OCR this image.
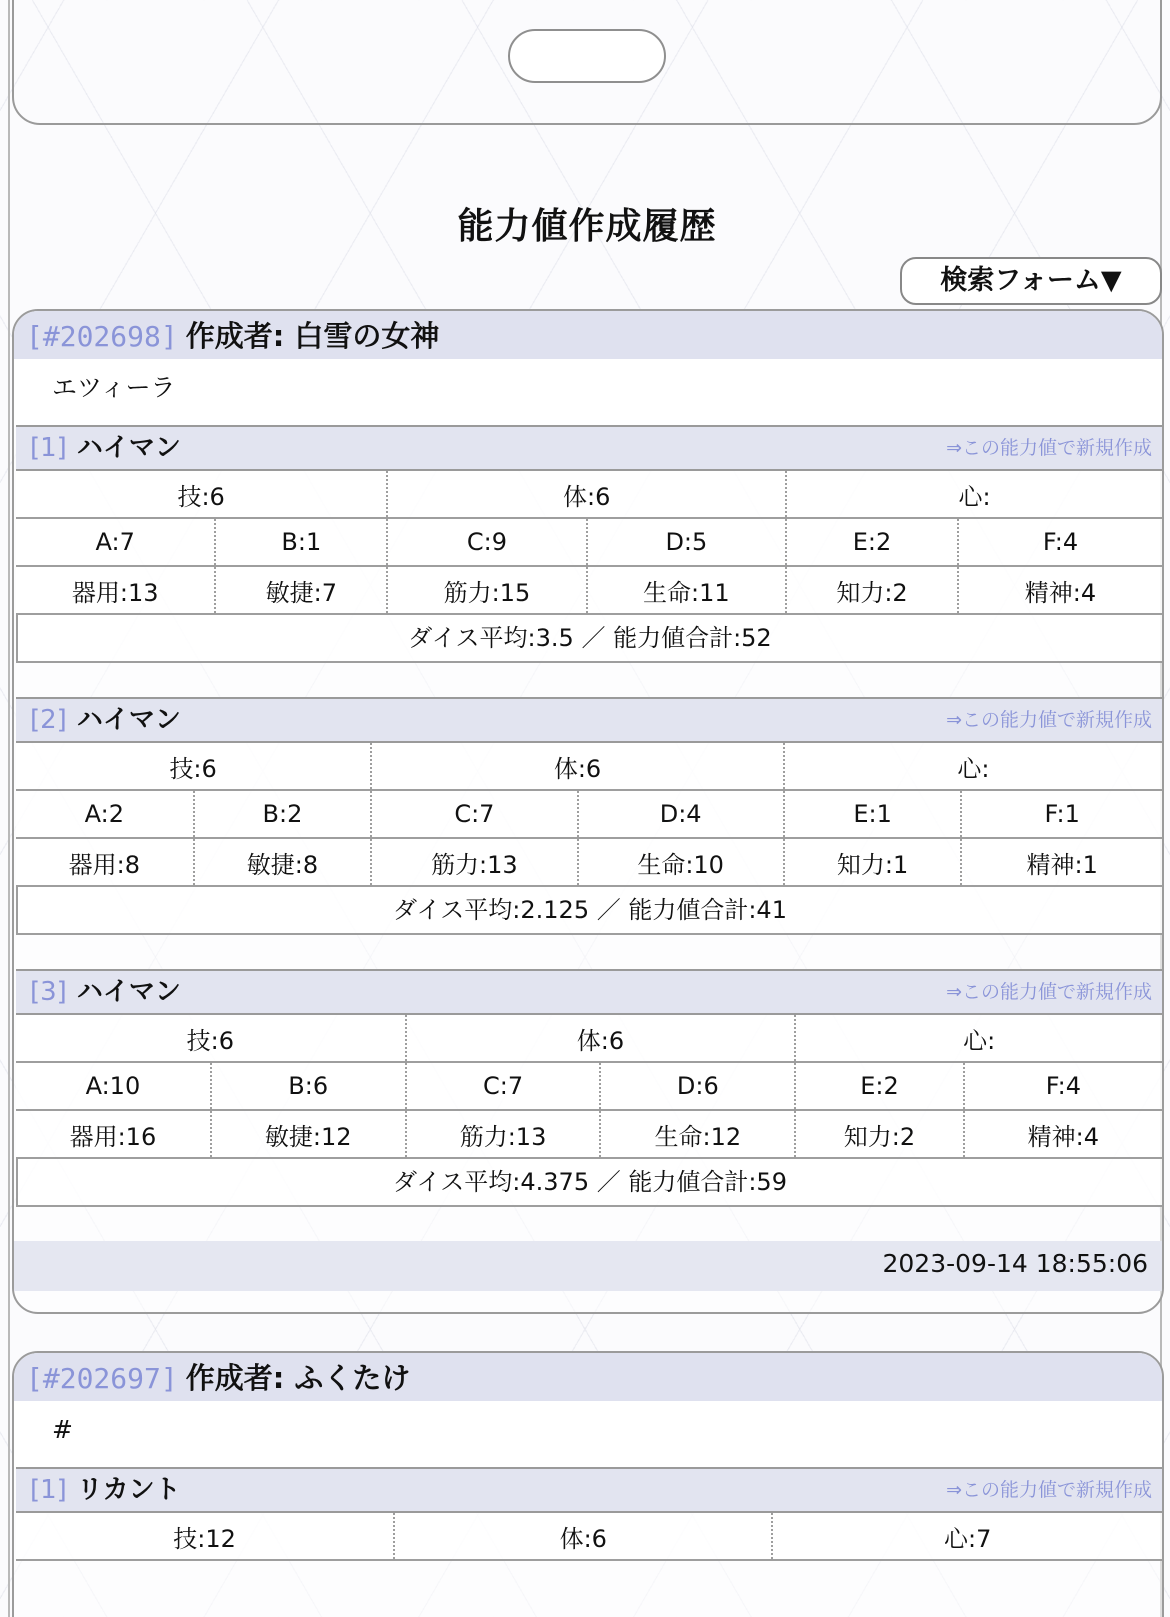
能力値作成履歴
検索フォーム▼
[#202698] 作成者: 白雪の女神
エツィーラ
[1] ハイマン	⇒この能力値で新規作成
技:6		体:6		心:	
A:7	B:1	C:9	D:5	E:2	F:4
器用:13	敏捷:7	筋力:15	生命:11	知力:2	精神:4
ダイス平均:3.5 ／ 能力値合計:52
[2] ハイマン	⇒この能力値で新規作成
技:6		体:6		心:	
A:2	B:2	C:7	D:4	E:1	F:1
器用:8	敏捷:8	筋力:13	生命:10	知力:1	精神:1
ダイス平均:2.125 ／ 能力値合計:41
[3] ハイマン	⇒この能力値で新規作成
技:6		体:6		心:	
A:10	B:6	C:7	D:6	E:2	F:4
器用:16	敏捷:12	筋力:13	生命:12	知力:2	精神:4
ダイス平均:4.375 ／ 能力値合計:59
2023-09-14 18:55:06
[#202697] 作成者: ふくたけ
#
[1] リカント	⇒この能力値で新規作成
技:12	体:6	心:7
